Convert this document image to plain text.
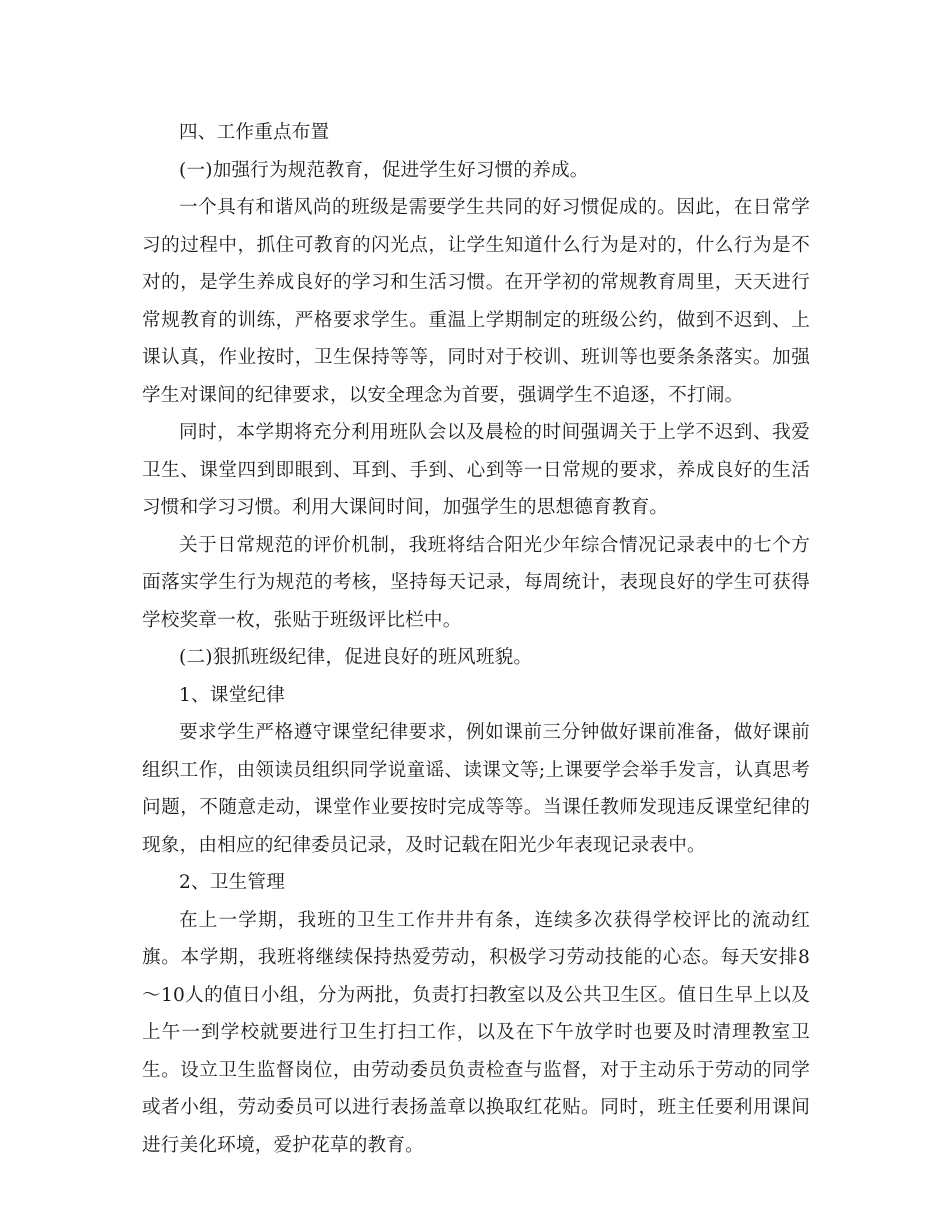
四、工作重点布置

(一)加强行为规范教育，促进学生好习惯的养成。

一个具有和谐风尚的班级是需要学生共同的好习惯促成的。因此，在日常学习的过程中，抓住可教育的闪光点，让学生知道什么行为是对的，什么行为是不对的，是学生养成良好的学习和生活习惯。在开学初的常规教育周里，天天进行常规教育的训练，严格要求学生。重温上学期制定的班级公约，做到不迟到、上课认真，作业按时，卫生保持等等，同时对于校训、班训等也要条条落实。加强学生对课间的纪律要求，以安全理念为首要，强调学生不追逐，不打闹。

同时，本学期将充分利用班队会以及晨检的时间强调关于上学不迟到、我爱卫生、课堂四到即眼到、耳到、手到、心到等一日常规的要求，养成良好的生活习惯和学习习惯。利用大课间时间，加强学生的思想德育教育。

关于日常规范的评价机制，我班将结合阳光少年综合情况记录表中的七个方面落实学生行为规范的考核，坚持每天记录，每周统计，表现良好的学生可获得学校奖章一枚，张贴于班级评比栏中。

(二)狠抓班级纪律，促进良好的班风班貌。

1、课堂纪律

要求学生严格遵守课堂纪律要求，例如课前三分钟做好课前准备，做好课前组织工作，由领读员组织同学说童谣、读课文等;上课要学会举手发言，认真思考问题，不随意走动，课堂作业要按时完成等等。当课任教师发现违反课堂纪律的现象，由相应的纪律委员记录，及时记载在阳光少年表现记录表中。

2、卫生管理

在上一学期，我班的卫生工作井井有条，连续多次获得学校评比的流动红旗。本学期，我班将继续保持热爱劳动，积极学习劳动技能的心态。每天安排8～10人的值日小组，分为两批，负责打扫教室以及公共卫生区。值日生早上以及上午一到学校就要进行卫生打扫工作，以及在下午放学时也要及时清理教室卫生。设立卫生监督岗位，由劳动委员负责检查与监督，对于主动乐于劳动的同学或者小组，劳动委员可以进行表扬盖章以换取红花贴。同时，班主任要利用课间进行美化环境，爱护花草的教育。
